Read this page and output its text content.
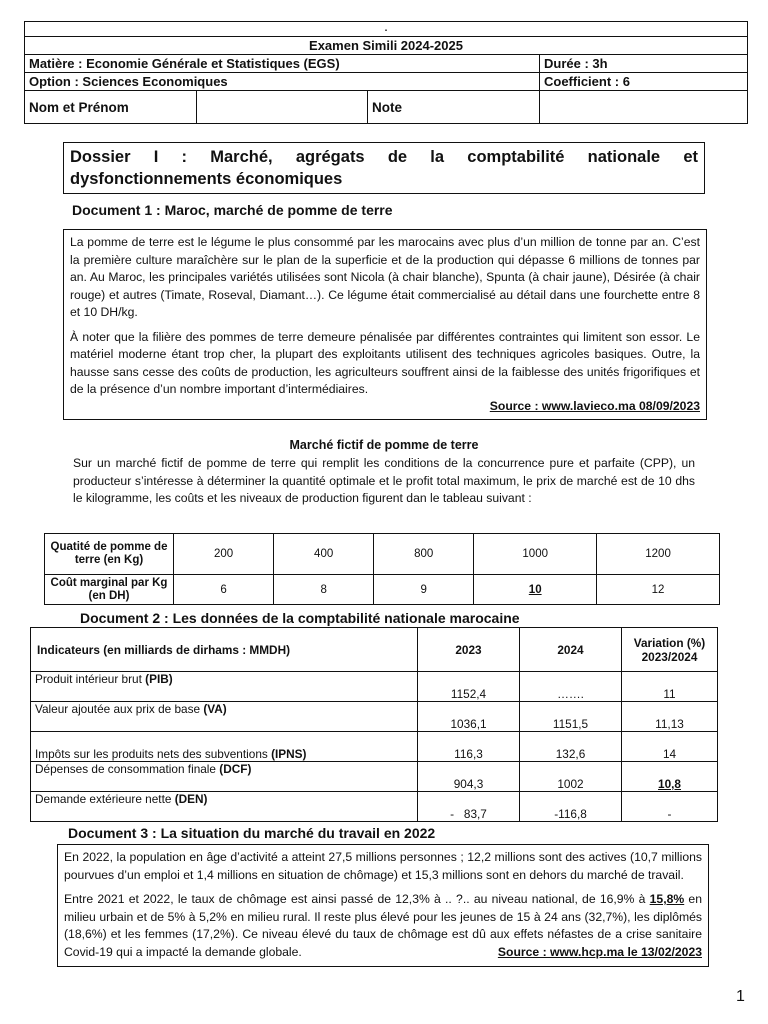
.			
Examen Simili 2024-2025			
Matière : Economie Générale et Statistiques (EGS)			Durée : 3h
Option : Sciences Economiques			Coefficient : 6
Nom et Prénom		Note	
Dossier I : Marché, agrégats de la comptabilité nationale et
dysfonctionnements économiques
Document 1 : Maroc, marché de pomme de terre

La pomme de terre est le légume le plus consommé par les marocains avec plus d’un million de tonne par an. C’est la première culture maraîchère sur le plan de la superficie et de la production qui dépasse 6 millions de tonnes par an. Au Maroc, les principales variétés utilisées sont Nicola (à chair blanche), Spunta (à chair jaune), Désirée (à chair rouge) et autres (Timate, Roseval, Diamant…). Ce légume était commercialisé au détail dans une fourchette entre 8 et 10 DH/kg.

À noter que la filière des pommes de terre demeure pénalisée par différentes contraintes qui limitent son essor. Le matériel moderne étant trop cher, la plupart des exploitants utilisent des techniques agricoles basiques. Outre, la hausse sans cesse des coûts de production, les agriculteurs souffrent ainsi de la faiblesse des unités frigorifiques et de la présence d’un nombre important d’intermédiaires.

Source : www.lavieco.ma 08/09/2023
Marché fictif de pomme de terre
Sur un marché fictif de pomme de terre qui remplit les conditions de la concurrence pure et parfaite (CPP), un producteur s’intéresse à déterminer la quantité optimale et le profit total maximum, le prix de marché est de 10 dhs le kilogramme, les coûts et les niveaux de production figurent dan le tableau suivant :
Quatité de pomme de terre (en Kg)	200	400	800	1000	1200
Coût marginal par Kg (en DH)	6	8	9	10	12
Document 2 : Les données de la comptabilité nationale marocaine
Indicateurs (en milliards de dirhams : MMDH)	2023	2024	Variation (%)
2023/2024

Produit intérieur brut (PIB)	1152,4	…….	11
Valeur ajoutée aux prix de base (VA)	1036,1	1151,5	11,13
Impôts sur les produits nets des subventions (IPNS)	116,3	132,6	14
Dépenses de consommation finale (DCF)	904,3	1002	10,8
Demande extérieure nette (DEN)	-   83,7	-116,8	-
Document 3 : La situation du marché du travail en 2022

En 2022, la population en âge d’activité a atteint 27,5 millions personnes ; 12,2 millions sont des actives (10,7 millions pourvues d’un emploi et 1,4 millions en situation de chômage) et 15,3 millions sont en dehors du marché de travail.

Entre 2021 et 2022, le taux de chômage est ainsi passé de 12,3% à .. ?.. au niveau national, de 16,9% à 15,8% en milieu urbain et de 5% à 5,2% en milieu rural. Il reste plus élevé pour les jeunes de 15 à 24 ans (32,7%), les diplômés (18,6%) et les femmes (17,2%). Ce niveau élevé du taux de chômage est dû aux effets néfastes de a crise sanitaire Covid-19 qui a impacté la demande globale.	Source : www.hcp.ma le 13/02/2023
1
